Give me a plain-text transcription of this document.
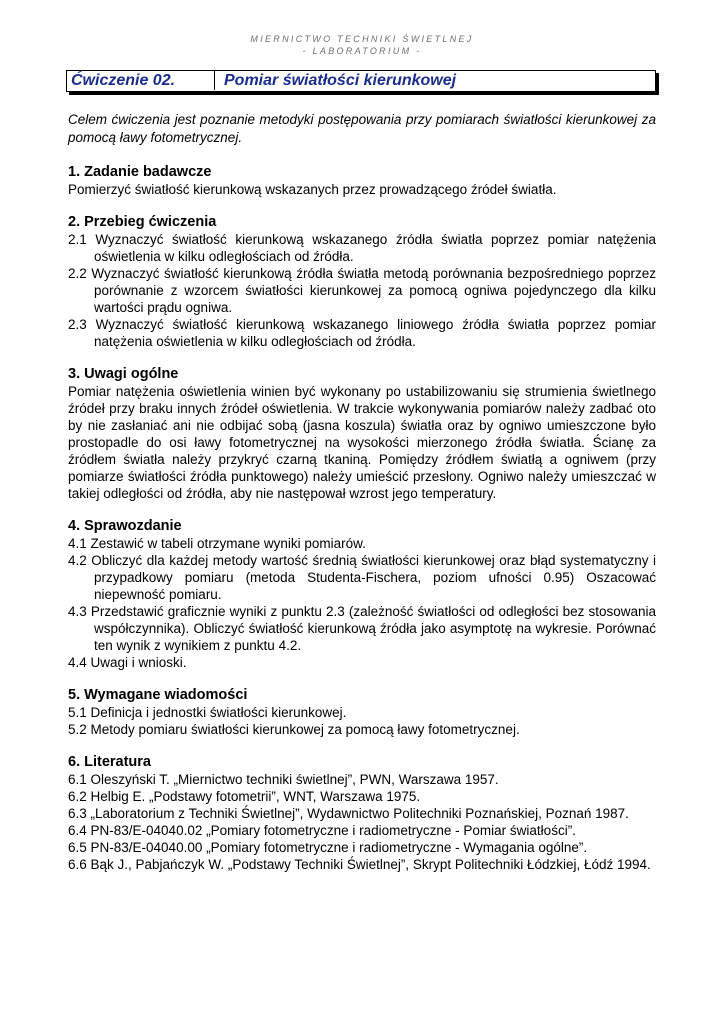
MIERNICTWO TECHNIKI ŚWIETLNEJ
- LABORATORIUM -
Ćwiczenie 02.	Pomiar światłości kierunkowej
Celem ćwiczenia jest poznanie metodyki postępowania przy pomiarach światłości kierunkowej za pomocą ławy fotometrycznej.
1. Zadanie badawcze
Pomierzyć światłość kierunkową wskazanych przez prowadzącego źródeł światła.
2. Przebieg ćwiczenia
2.1 Wyznaczyć światłość kierunkową wskazanego źródła światła poprzez pomiar natężenia oświetlenia w kilku odległościach od źródła.
2.2 Wyznaczyć światłość kierunkową źródła światła metodą porównania bezpośredniego poprzez porównanie z wzorcem światłości kierunkowej za pomocą ogniwa pojedynczego dla kilku wartości prądu ogniwa.
2.3 Wyznaczyć światłość kierunkową wskazanego liniowego źródła światła poprzez pomiar natężenia oświetlenia w kilku odległościach od źródła.
3. Uwagi ogólne
Pomiar natężenia oświetlenia winien być wykonany po ustabilizowaniu się strumienia świetlnego źródeł przy braku innych źródeł oświetlenia. W trakcie wykonywania pomiarów należy zadbać oto by nie zasłaniać ani nie odbijać sobą (jasna koszula) światła oraz by ogniwo umieszczone było prostopadle do osi ławy fotometrycznej na wysokości mierzonego źródła światła. Ścianę za źródłem światła należy przykryć czarną tkaniną. Pomiędzy źródłem światłą a ogniwem (przy pomiarze światłości źródła punktowego) należy umieścić przesłony. Ogniwo należy umieszczać w takiej odległości od źródła, aby nie następował wzrost jego temperatury.
4. Sprawozdanie
4.1 Zestawić w tabeli otrzymane wyniki pomiarów.
4.2 Obliczyć dla każdej metody wartość średnią światłości kierunkowej oraz błąd systematyczny i przypadkowy pomiaru (metoda Studenta-Fischera, poziom ufności 0.95) Oszacować niepewność pomiaru.
4.3 Przedstawić graficznie wyniki z punktu 2.3 (zależność światłości od odległości bez stosowania współczynnika). Obliczyć światłość kierunkową źródła jako asymptotę na wykresie. Porównać ten wynik z wynikiem z punktu 4.2.
4.4 Uwagi i wnioski.
5. Wymagane wiadomości
5.1 Definicja i jednostki światłości kierunkowej.
5.2 Metody pomiaru światłości kierunkowej za pomocą ławy fotometrycznej.
6. Literatura
6.1 Oleszyński T. „Miernictwo techniki świetlnej”, PWN, Warszawa 1957.
6.2 Helbig E. „Podstawy fotometrii”, WNT, Warszawa 1975.
6.3 „Laboratorium z Techniki Świetlnej”, Wydawnictwo Politechniki Poznańskiej, Poznań 1987.
6.4 PN-83/E-04040.02 „Pomiary fotometryczne i radiometryczne - Pomiar światłości”.
6.5 PN-83/E-04040.00 „Pomiary fotometryczne i radiometryczne - Wymagania ogólne”.
6.6 Bąk J., Pabjańczyk W. „Podstawy Techniki Świetlnej”, Skrypt Politechniki Łódzkiej, Łódź 1994.
